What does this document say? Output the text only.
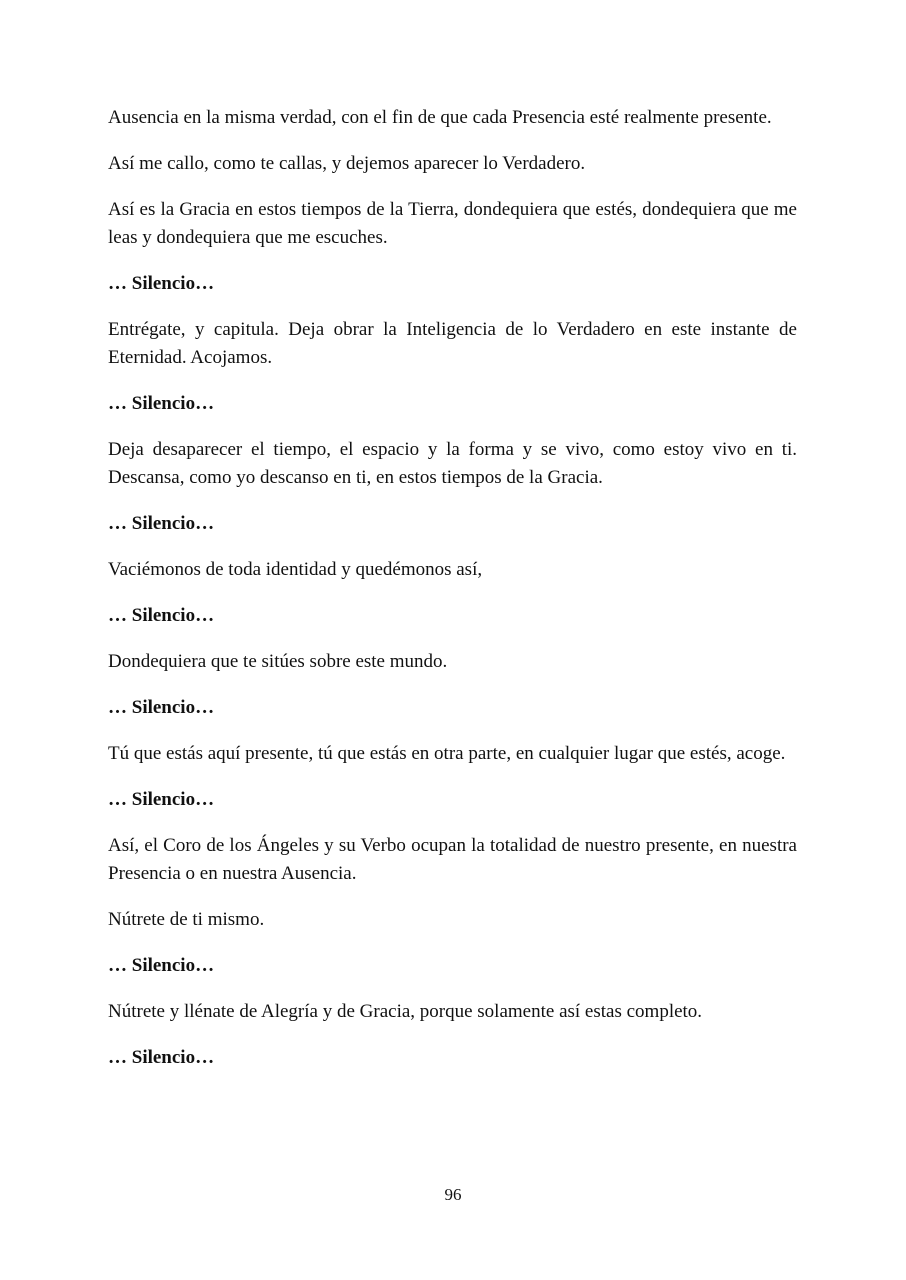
Ausencia en la misma verdad, con el fin de que cada Presencia esté realmente presente.

Así me callo, como te callas, y dejemos aparecer lo Verdadero.

Así es la Gracia en estos tiempos de la Tierra, dondequiera que estés, dondequiera que me leas y dondequiera que me escuches.

… Silencio…

Entrégate, y capitula. Deja obrar la Inteligencia de lo Verdadero en este instante de Eternidad. Acojamos.

… Silencio…

Deja desaparecer el tiempo, el espacio y la forma y se vivo, como estoy vivo en ti. Descansa, como yo descanso en ti, en estos tiempos de la Gracia.

… Silencio…

Vaciémonos de toda identidad y quedémonos así,

… Silencio…

Dondequiera que te sitúes sobre este mundo.

… Silencio…

Tú que estás aquí presente, tú que estás en otra parte, en cualquier lugar que estés, acoge.

… Silencio…

Así, el Coro de los Ángeles y su Verbo ocupan la totalidad de nuestro presente, en nuestra Presencia o en nuestra Ausencia.

Nútrete de ti mismo.

… Silencio…

Nútrete y llénate de Alegría y de Gracia, porque solamente así estas completo.

… Silencio…

96
